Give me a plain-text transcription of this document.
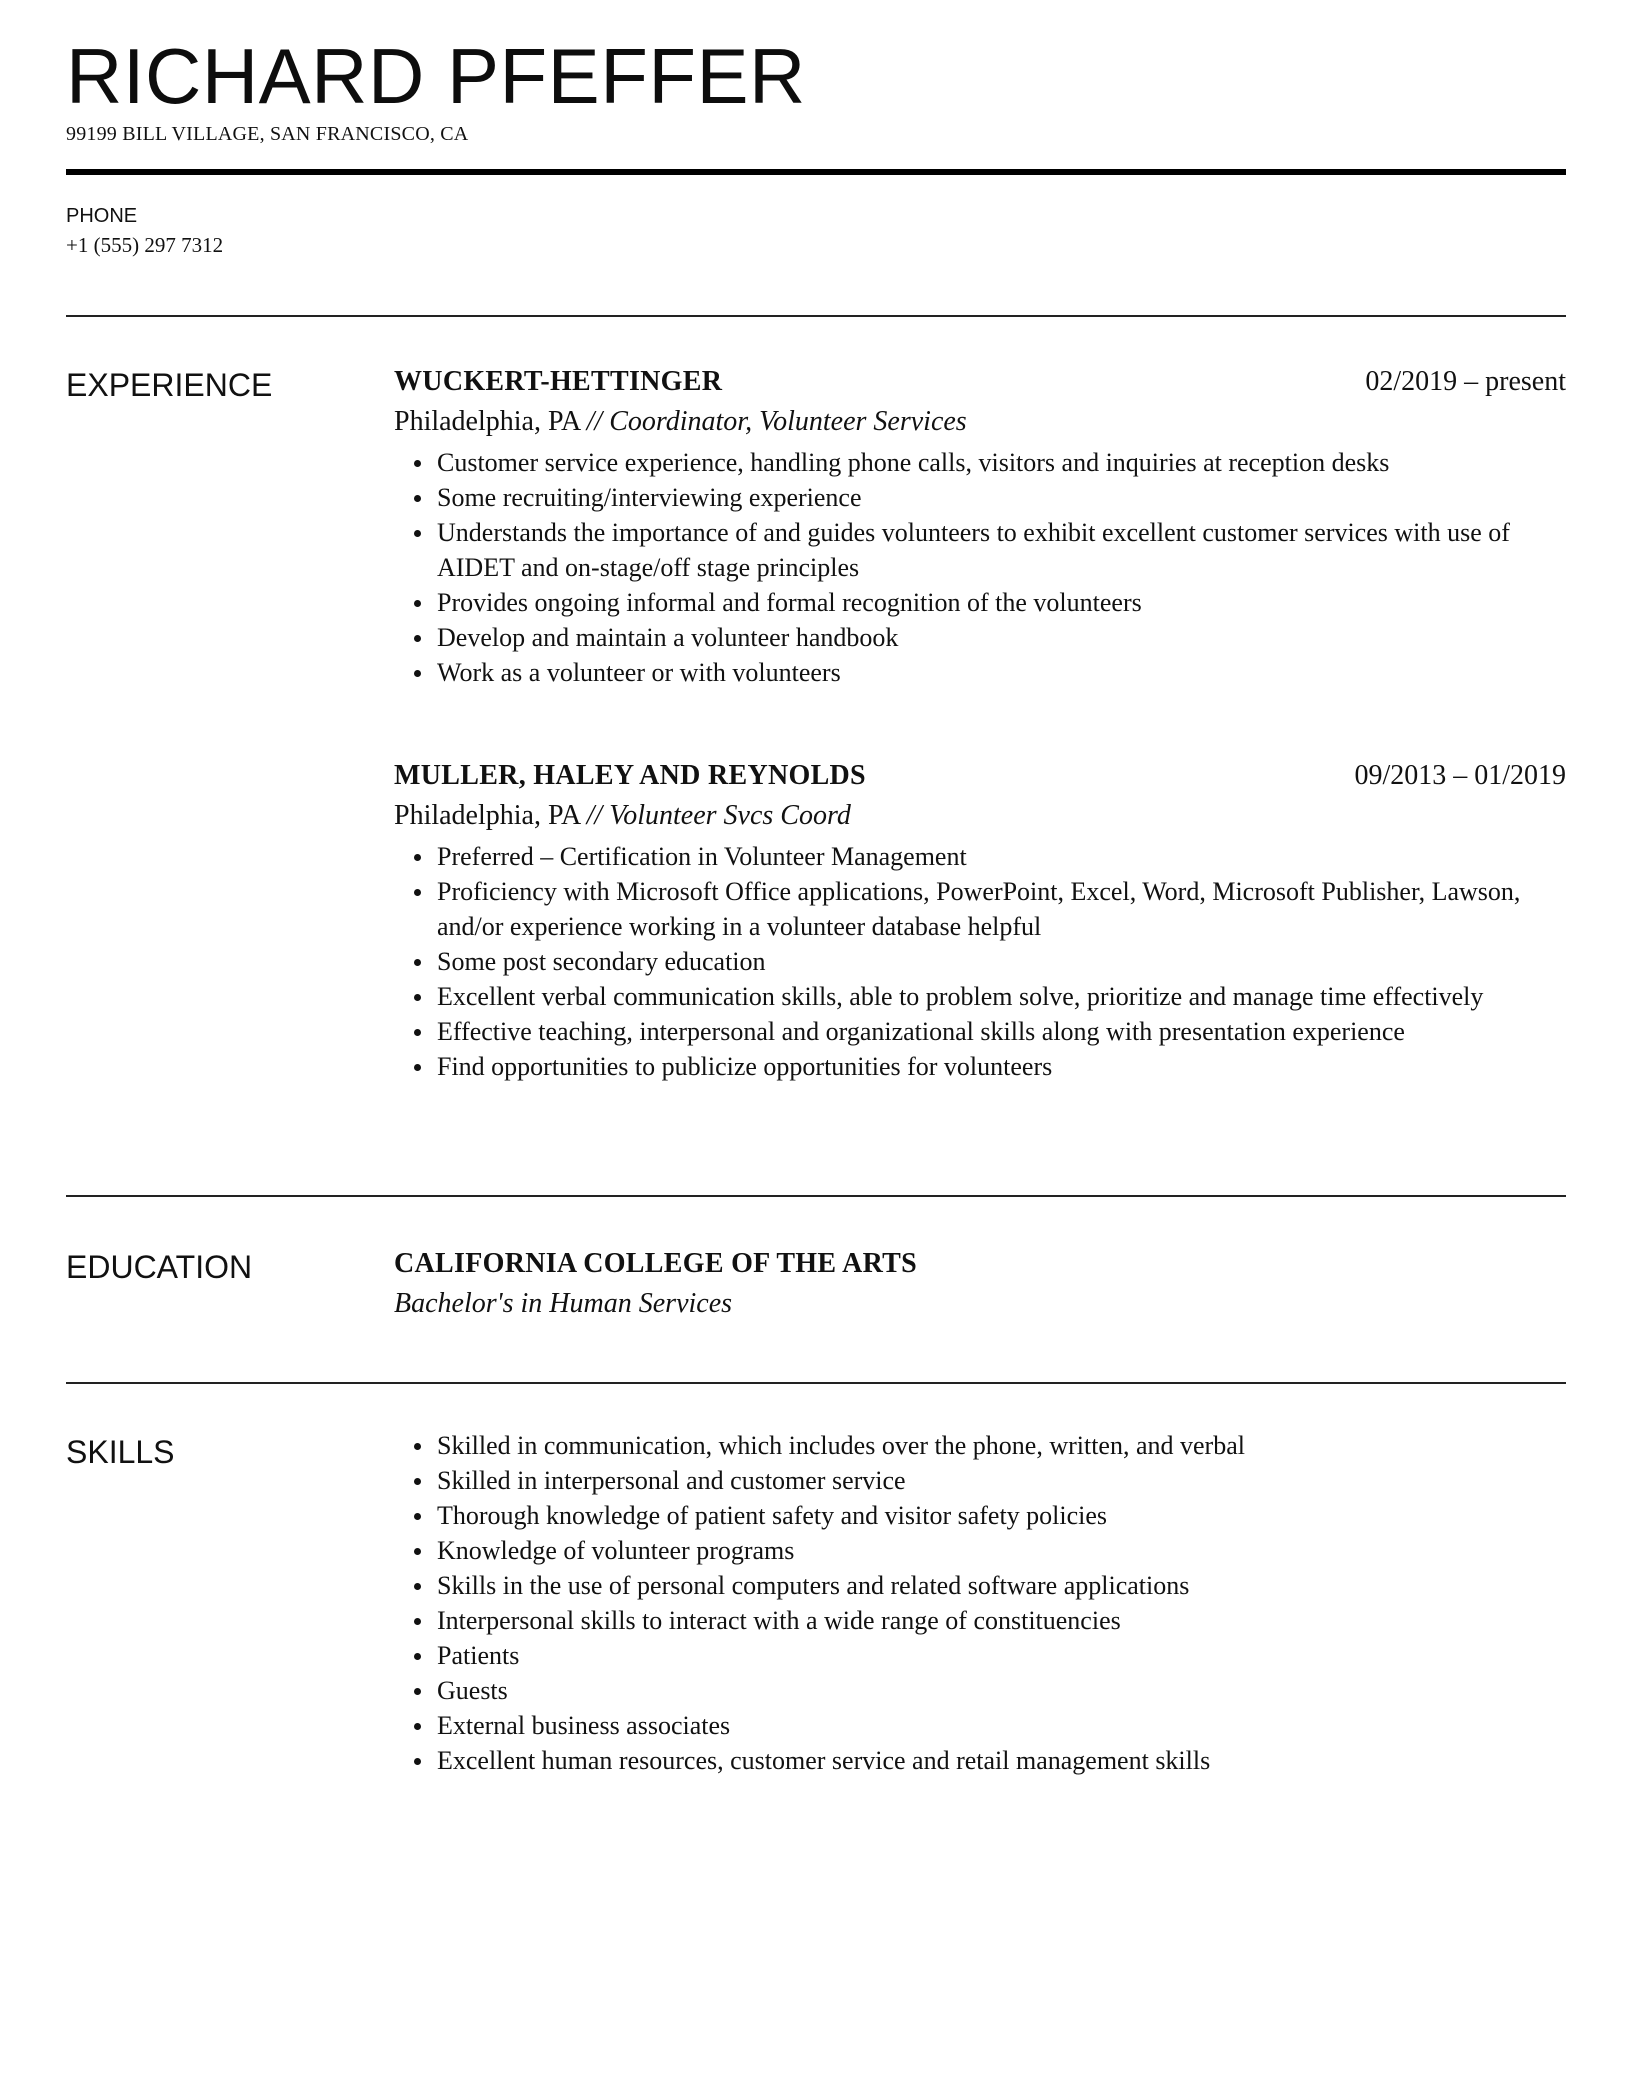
RICHARD PFEFFER
99199 BILL VILLAGE, SAN FRANCISCO, CA
PHONE
+1 (555) 297 7312
EXPERIENCE	WUCKERT-HETTINGER	02/2019 – present
Philadelphia, PA // Coordinator, Volunteer Services
Customer service experience, handling phone calls, visitors and inquiries at reception desks
Some recruiting/interviewing experience
Understands the importance of and guides volunteers to exhibit excellent customer services with use of AIDET and on-stage/off stage principles
Provides ongoing informal and formal recognition of the volunteers
Develop and maintain a volunteer handbook
Work as a volunteer or with volunteers
MULLER, HALEY AND REYNOLDS	09/2013 – 01/2019
Philadelphia, PA // Volunteer Svcs Coord
Preferred – Certification in Volunteer Management
Proficiency with Microsoft Office applications, PowerPoint, Excel, Word, Microsoft Publisher, Lawson, and/or experience working in a volunteer database helpful
Some post secondary education
Excellent verbal communication skills, able to problem solve, prioritize and manage time effectively
Effective teaching, interpersonal and organizational skills along with presentation experience
Find opportunities to publicize opportunities for volunteers
EDUCATION	CALIFORNIA COLLEGE OF THE ARTS
Bachelor's in Human Services
SKILLS	Skilled in communication, which includes over the phone, written, and verbal
Skilled in interpersonal and customer service
Thorough knowledge of patient safety and visitor safety policies
Knowledge of volunteer programs
Skills in the use of personal computers and related software applications
Interpersonal skills to interact with a wide range of constituencies
Patients
Guests
External business associates
Excellent human resources, customer service and retail management skills
